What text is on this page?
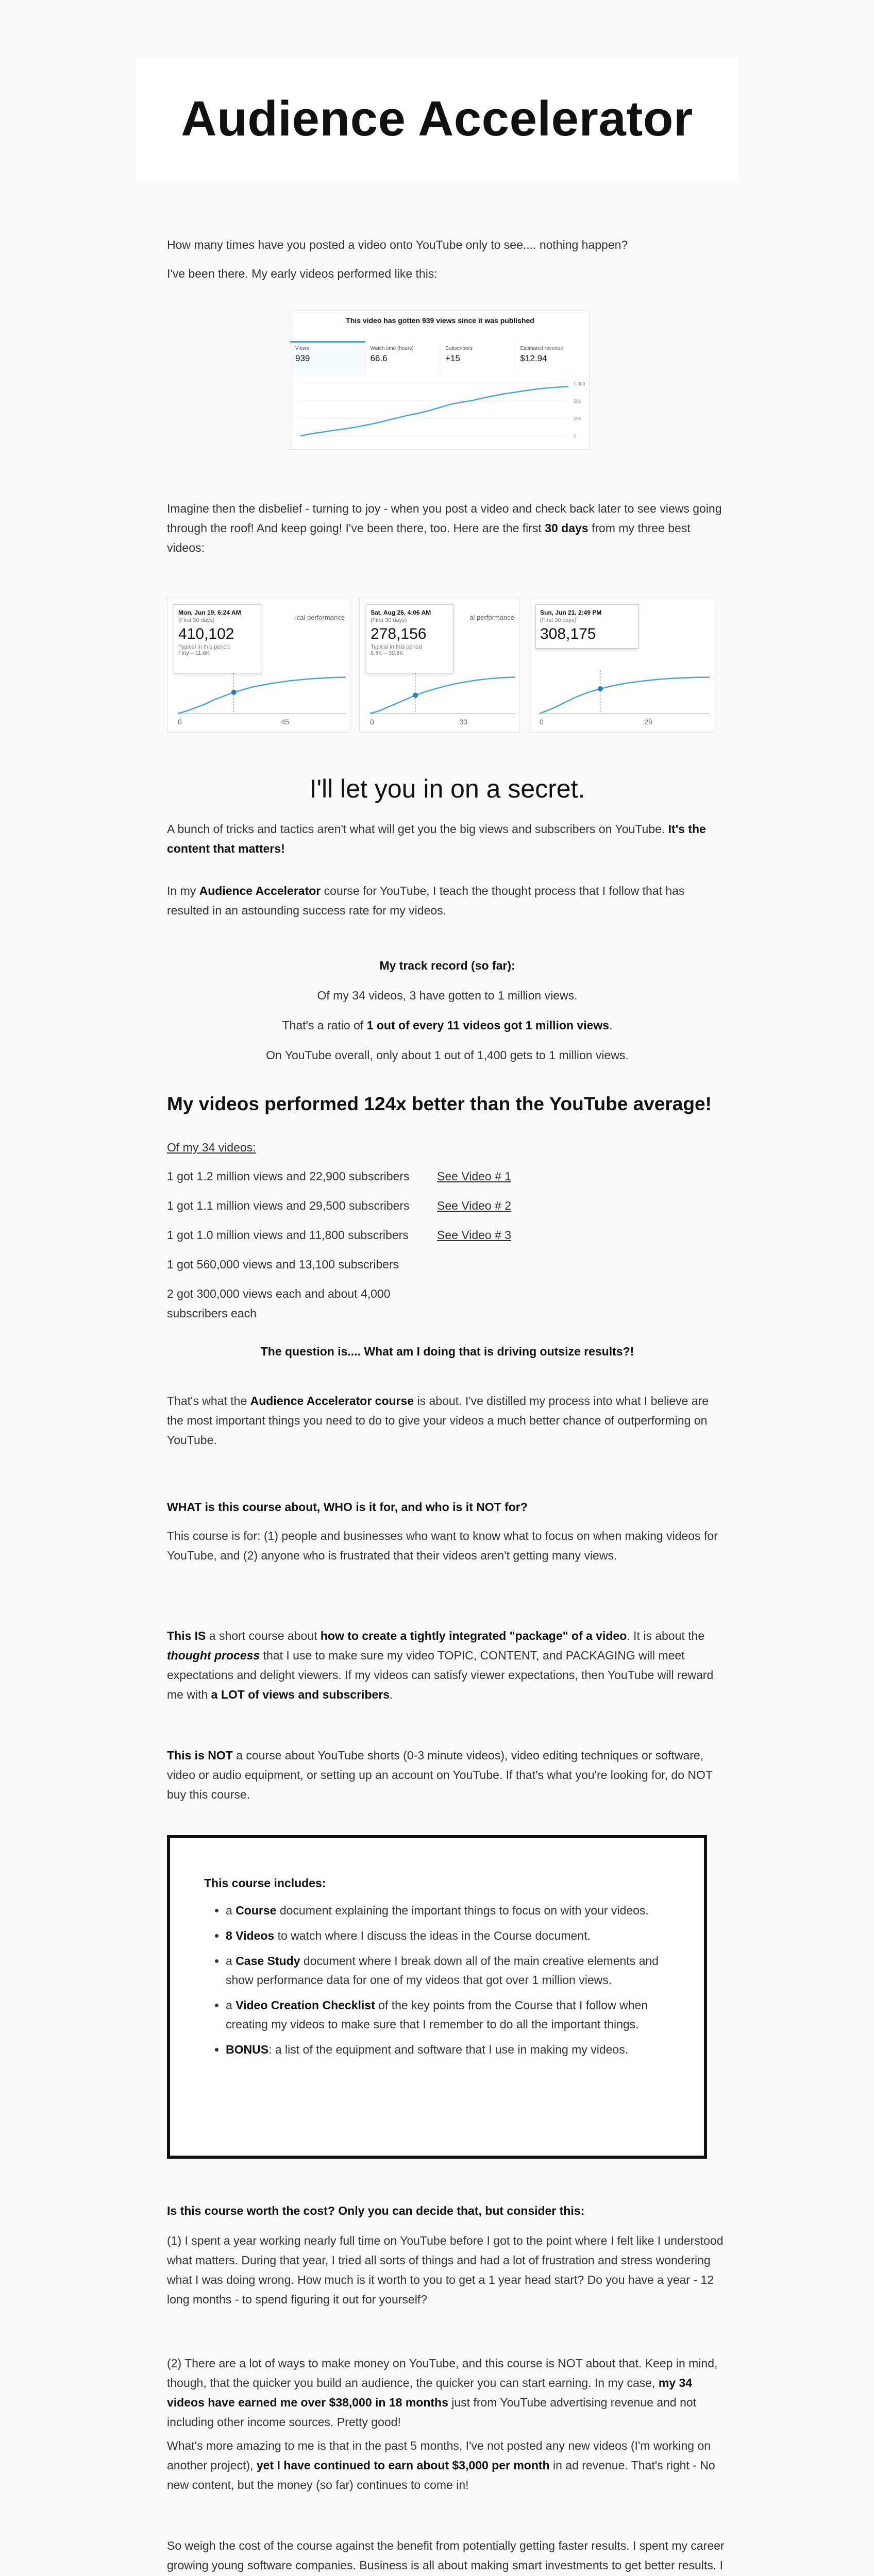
Audience Accelerator

How many times have you posted a video onto YouTube only to see.... nothing happen?

I've been there. My early videos performed like this:

This video has gotten 939 views since it was published
Views
939
Watch time (hours)
66.6
Subscribers
+15
Estimated revenue
$12.94
1,000
500
250
0

Imagine then the disbelief - turning to joy - when you post a video and check back later to see views going through the roof! And keep going! I've been there, too. Here are the first 30 days from my three best videos:

0	45
ical performance
Mon, Jun 19, 6:24 AM
(First 30 days)
410,102
Typical in this period
Fifty – 11.6K
0	33
al performance
Sat, Aug 26, 4:06 AM
(First 30 days)
278,156
Typical in this period
8.5K – 39.6K
0	29
Sun, Jun 21, 2:49 PM
(First 30 days)
308,175
I'll let you in on a secret.

A bunch of tricks and tactics aren't what will get you the big views and subscribers on YouTube. It's the content that matters!

In my Audience Accelerator course for YouTube, I teach the thought process that I follow that has resulted in an astounding success rate for my videos.

My track record (so far):

Of my 34 videos, 3 have gotten to 1 million views.

That's a ratio of 1 out of every 11 videos got 1 million views.

On YouTube overall, only about 1 out of 1,400 gets to 1 million views.

My videos performed 124x better than the YouTube average!

Of my 34 videos:

1 got 1.2 million views and 22,900 subscribers	See Video # 1

1 got 1.1 million views and 29,500 subscribers	See Video # 2

1 got 1.0 million views and 11,800 subscribers	See Video # 3

1 got 560,000 views and 13,100 subscribers

2 got 300,000 views each and about 4,000 subscribers each

The question is.... What am I doing that is driving outsize results?!

That's what the Audience Accelerator course is about. I've distilled my process into what I believe are the most important things you need to do to give your videos a much better chance of outperforming on YouTube.

WHAT is this course about, WHO is it for, and who is it NOT for?

This course is for: (1) people and businesses who want to know what to focus on when making videos for YouTube, and (2) anyone who is frustrated that their videos aren't getting many views.

This IS a short course about how to create a tightly integrated "package" of a video. It is about the thought process that I use to make sure my video TOPIC, CONTENT, and PACKAGING will meet expectations and delight viewers. If my videos can satisfy viewer expectations, then YouTube will reward me with a LOT of views and subscribers.

This is NOT a course about YouTube shorts (0-3 minute videos), video editing techniques or software, video or audio equipment, or setting up an account on YouTube. If that's what you're looking for, do NOT buy this course.

This course includes:

• a Course document explaining the important things to focus on with your videos.
• 8 Videos to watch where I discuss the ideas in the Course document.
• a Case Study document where I break down all of the main creative elements and show performance data for one of my videos that got over 1 million views.
• a Video Creation Checklist of the key points from the Course that I follow when creating my videos to make sure that I remember to do all the important things.
• BONUS: a list of the equipment and software that I use in making my videos.

Is this course worth the cost? Only you can decide that, but consider this:

(1) I spent a year working nearly full time on YouTube before I got to the point where I felt like I understood what matters. During that year, I tried all sorts of things and had a lot of frustration and stress wondering what I was doing wrong. How much is it worth to you to get a 1 year head start? Do you have a year - 12 long months - to spend figuring it out for yourself?

(2) There are a lot of ways to make money on YouTube, and this course is NOT about that. Keep in mind, though, that the quicker you build an audience, the quicker you can start earning. In my case, my 34 videos have earned me over $38,000 in 18 months just from YouTube advertising revenue and not including other income sources. Pretty good!

What's more amazing to me is that in the past 5 months, I've not posted any new videos (I'm working on another project), yet I have continued to earn about $3,000 per month in ad revenue. That's right - No new content, but the money (so far) continues to come in!

So weigh the cost of the course against the benefit from potentially getting faster results. I spent my career growing young software companies. Business is all about making smart investments to get better results. I
